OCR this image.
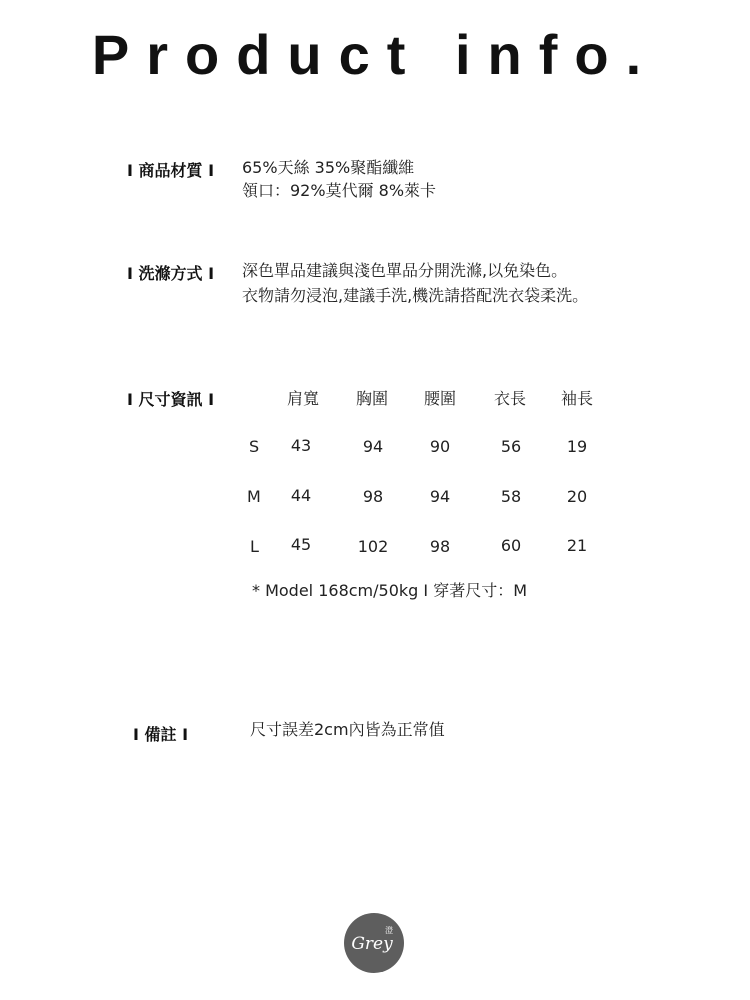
Product info.
I 商品材質 I 65%天絲 35%聚酯纖維
領口：92%莫代爾 8%萊卡
I 洗滌方式 I 深色單品建議與淺色單品分開洗滌,以免染色。
衣物請勿浸泡,建議手洗,機洗請搭配洗衣袋柔洗。
I 尺寸資訊 I	肩寬	胸圍	腰圍	衣長	袖長
S	43	94	90	56	19
M	44	98	94	58	20
L	45	102	98	60	21
* Model 168cm/50kg I 穿著尺寸：M
I 備註 I	尺寸誤差2cm內皆為正常值
Grey
澄
